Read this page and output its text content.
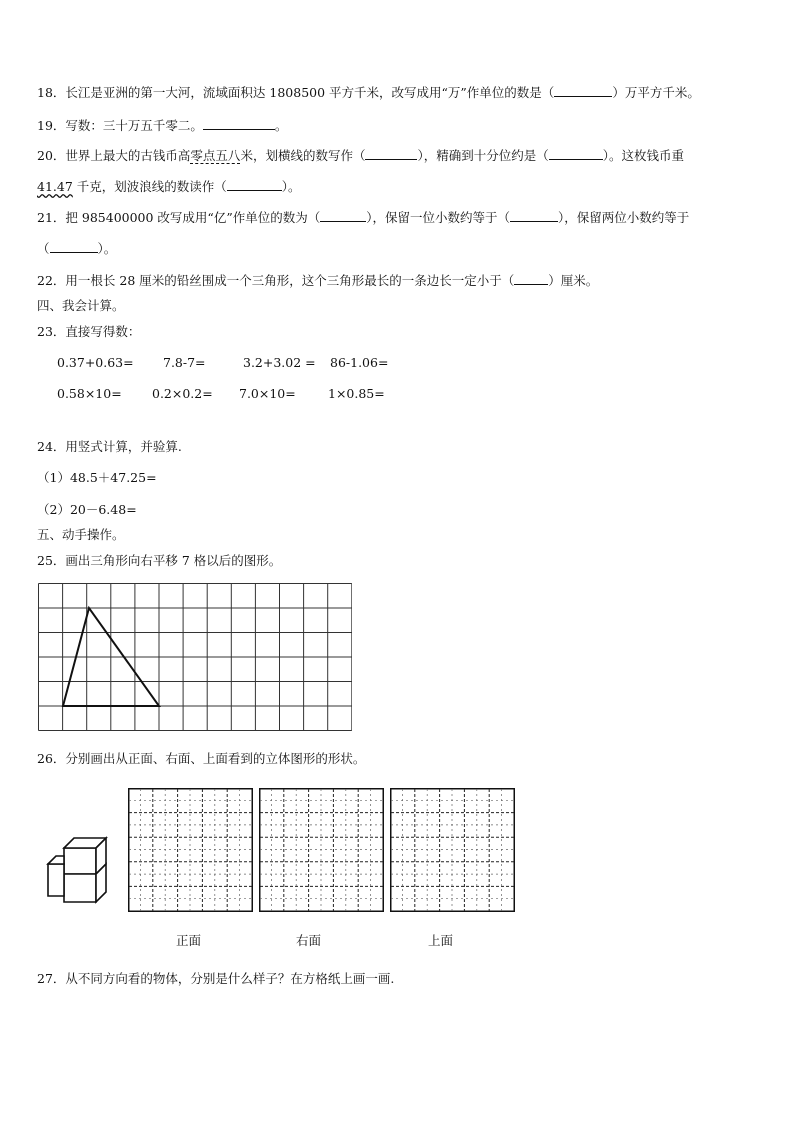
18．长江是亚洲的第一大河，流域面积达 1808500 平方千米，改写成用“万”作单位的数是（	）万平方千米。
19．写数：三十万五千零二。	。
20．世界上最大的古钱币高零点五八米，划横线的数写作（	），精确到十分位约是（	）。这枚钱币重
41.47 千克，划波浪线的数读作（	）。
21．把 985400000 改写成用“亿”作单位的数为（	），保留一位小数约等于（	），保留两位小数约等于
（	）。
22．用一根长 28 厘米的铅丝围成一个三角形，这个三角形最长的一条边长一定小于（	）厘米。
四、我会计算。
23．直接写得数：
0.37+0.63= 7.8-7=	3.2+3.02 = 86-1.06=
0.58×10= 0.2×0.2= 7.0×10=	1×0.85=
24．用竖式计算，并验算.
（1）48.5＋47.25=
（2）20－6.48=
五、动手操作。
25．画出三角形向右平移 7 格以后的图形。
26．分别画出从正面、右面、上面看到的立体图形的形状。
正面	右面	上面
27．从不同方向看的物体，分别是什么样子？在方格纸上画一画.
